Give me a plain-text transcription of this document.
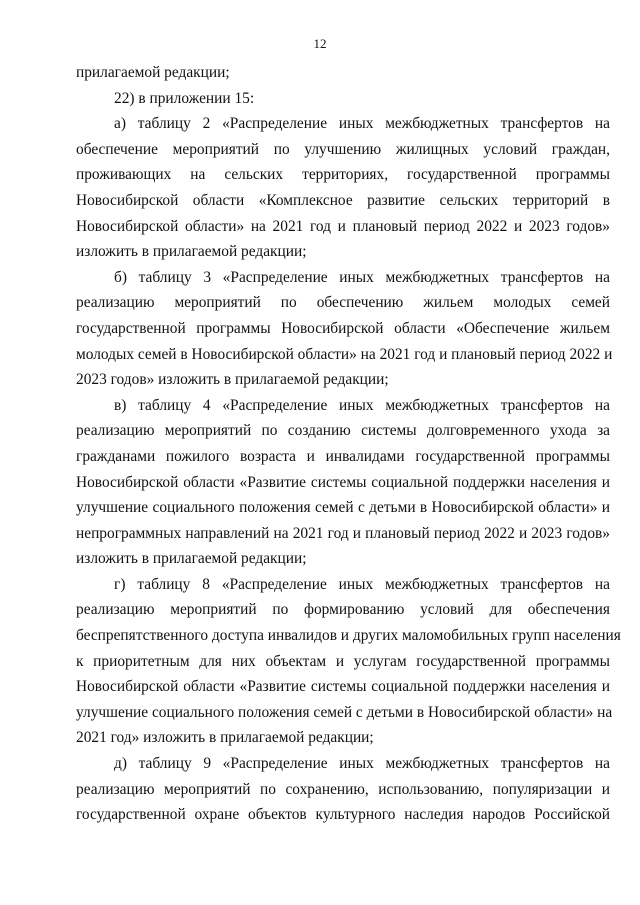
12
прилагаемой редакции;
22) в приложении 15:
а) таблицу 2 «Распределение иных межбюджетных трансфертов на
обеспечение мероприятий по улучшению жилищных условий граждан,
проживающих на сельских территориях, государственной программы
Новосибирской области «Комплексное развитие сельских территорий в
Новосибирской области» на 2021 год и плановый период 2022 и 2023 годов»
изложить в прилагаемой редакции;
б) таблицу 3 «Распределение иных межбюджетных трансфертов на
реализацию мероприятий по обеспечению жильем молодых семей
государственной программы Новосибирской области «Обеспечение жильем
молодых семей в Новосибирской области» на 2021 год и плановый период 2022 и
2023 годов» изложить в прилагаемой редакции;
в) таблицу 4 «Распределение иных межбюджетных трансфертов на
реализацию мероприятий по созданию системы долговременного ухода за
гражданами пожилого возраста и инвалидами государственной программы
Новосибирской области «Развитие системы социальной поддержки населения и
улучшение социального положения семей с детьми в Новосибирской области» и
непрограммных направлений на 2021 год и плановый период 2022 и 2023 годов»
изложить в прилагаемой редакции;
г) таблицу 8 «Распределение иных межбюджетных трансфертов на
реализацию мероприятий по формированию условий для обеспечения
беспрепятственного доступа инвалидов и других маломобильных групп населения
к приоритетным для них объектам и услугам государственной программы
Новосибирской области «Развитие системы социальной поддержки населения и
улучшение социального положения семей с детьми в Новосибирской области» на
2021 год» изложить в прилагаемой редакции;
д) таблицу 9 «Распределение иных межбюджетных трансфертов на
реализацию мероприятий по сохранению, использованию, популяризации и
государственной охране объектов культурного наследия народов Российской
